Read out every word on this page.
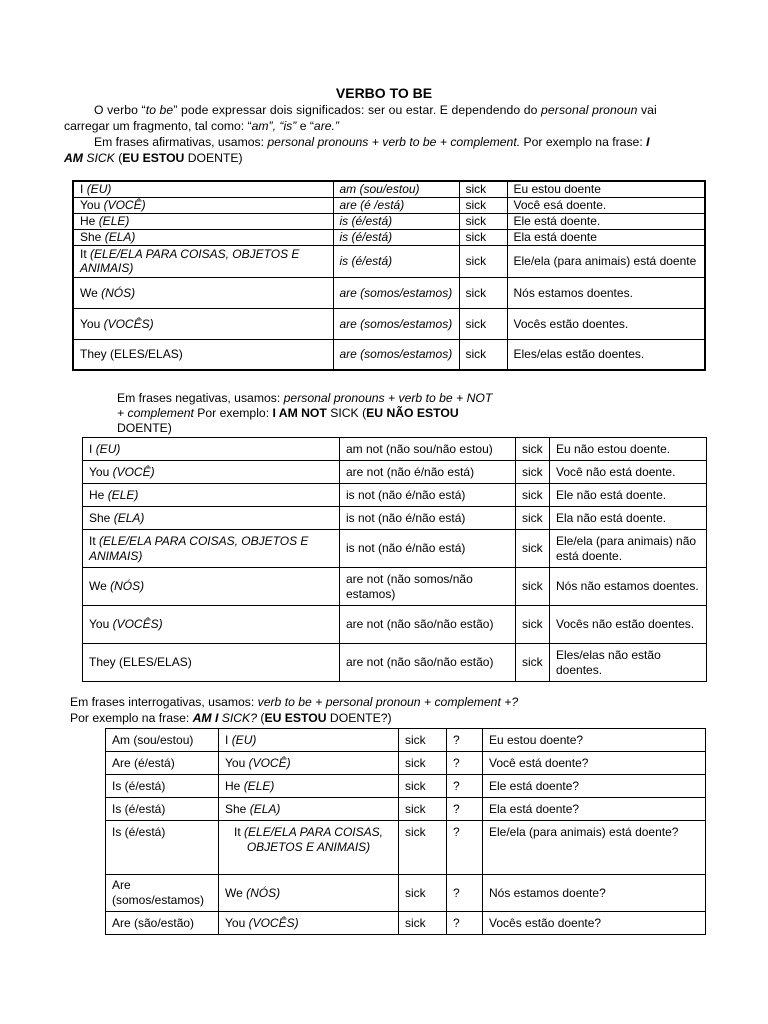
VERBO TO BE
O verbo “to be” pode expressar dois significados: ser ou estar. E dependendo do personal pronoun vai
carregar um fragmento, tal como: “am”, “is” e “are.”
Em frases afirmativas, usamos: personal pronouns + verb to be + complement. Por exemplo na frase: I
AM SICK (EU ESTOU DOENTE)
I (EU)	am (sou/estou)	sick	Eu estou doente
You (VOCÊ)	are (é /está)	sick	Você esá doente.
He (ELE)	is (é/está)	sick	Ele está doente.
She (ELA)	is (é/está)	sick	Ela está doente
It (ELE/ELA PARA COISAS, OBJETOS E ANIMAIS)	is (é/está)	sick	Ele/ela (para animais) está doente
We (NÓS)	are (somos/estamos)	sick	Nós estamos doentes.
You (VOCÊS)	are (somos/estamos)	sick	Vocês estão doentes.
They (ELES/ELAS)	are (somos/estamos)	sick	Eles/elas estão doentes.
Em frases negativas, usamos: personal pronouns + verb to be + NOT
+ complement Por exemplo: I AM NOT SICK (EU NÃO ESTOU
DOENTE)
I (EU)	am not (não sou/não estou)	sick	Eu não estou doente.
You (VOCÊ)	are not (não é/não está)	sick	Você não está doente.
He (ELE)	is not (não é/não está)	sick	Ele não está doente.
She (ELA)	is not (não é/não está)	sick	Ela não está doente.
It (ELE/ELA PARA COISAS, OBJETOS E ANIMAIS)	is not (não é/não está)	sick	Ele/ela (para animais) não está doente.
We (NÓS)	are not (não somos/não estamos)	sick	Nós não estamos doentes.
You (VOCÊS)	are not (não são/não estão)	sick	Vocês não estão doentes.
They (ELES/ELAS)	are not (não são/não estão)	sick	Eles/elas não estão doentes.
Em frases interrogativas, usamos: verb to be + personal pronoun + complement +?
Por exemplo na frase: AM I SICK? (EU ESTOU DOENTE?)
Am (sou/estou)	I (EU)	sick	?	Eu estou doente?
Are (é/está)	You (VOCÊ)	sick	?	Você está doente?
Is (é/está)	He (ELE)	sick	?	Ele está doente?
Is (é/está)	She (ELA)	sick	?	Ela está doente?
Is (é/está)	It (ELE/ELA PARA COISAS, OBJETOS E ANIMAIS)	sick	?	Ele/ela (para animais) está doente?
Are (somos/estamos)	We (NÓS)	sick	?	Nós estamos doente?
Are (são/estão)	You (VOCÊS)	sick	?	Vocês estão doente?
